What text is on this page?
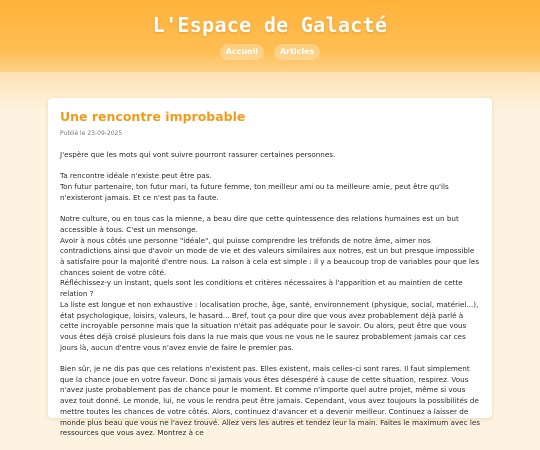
L'Espace de Galacté
Accueil	Articles
Une rencontre improbable
Publié le 23-09-2025

J'espère que les mots qui vont suivre pourront rassurer certaines personnes.

Ta rencontre idéale n'existe peut être pas.
Ton futur partenaire, ton futur mari, ta future femme, ton meilleur ami ou ta meilleure amie, peut être qu'ils n'existeront jamais. Et ce n'est pas ta faute.

Notre culture, ou en tous cas la mienne, a beau dire que cette quintessence des relations humaines est un but accessible à tous. C'est un mensonge.
Avoir à nous côtés une personne "idéale", qui puisse comprendre les tréfonds de notre âme, aimer nos contradictions ainsi que d'avoir un mode de vie et des valeurs similaires aux notres, est un but presque impossible à satisfaire pour la majorité d'entre nous. La raison à cela est simple : il y a beaucoup trop de variables pour que les chances soient de votre côté.
Réfléchissez-y un instant, quels sont les conditions et critères nécessaires à l'apparition et au maintien de cette relation ?
La liste est longue et non exhaustive : localisation proche, âge, santé, environnement (physique, social, matériel...), état psychologique, loisirs, valeurs, le hasard... Bref, tout ça pour dire que vous avez probablement déjà parlé à cette incroyable personne mais que la situation n'était pas adéquate pour le savoir. Ou alors, peut être que vous vous êtes déjà croisé plusieurs fois dans la rue mais que vous ne vous ne le saurez probablement jamais car ces jours là, aucun d'entre vous n'avez envie de faire le premier pas.

Bien sûr, je ne dis pas que ces relations n'existent pas. Elles existent, mais celles-ci sont rares. Il faut simplement que la chance joue en votre faveur. Donc si jamais vous êtes désespéré à cause de cette situation, respirez. Vous n'avez juste probablement pas de chance pour le moment. Et comme n'importe quel autre projet, même si vous avez tout donné. Le monde, lui, ne vous le rendra peut être jamais. Cependant, vous avez toujours la possibilités de mettre toutes les chances de votre côtés. Alors, continuez d'avancer et a devenir meilleur. Continuez a laisser de monde plus beau que vous ne l'avez trouvé. Allez vers les autres et tendez leur la main. Faites le maximum avec les ressources que vous avez. Montrez à ce
